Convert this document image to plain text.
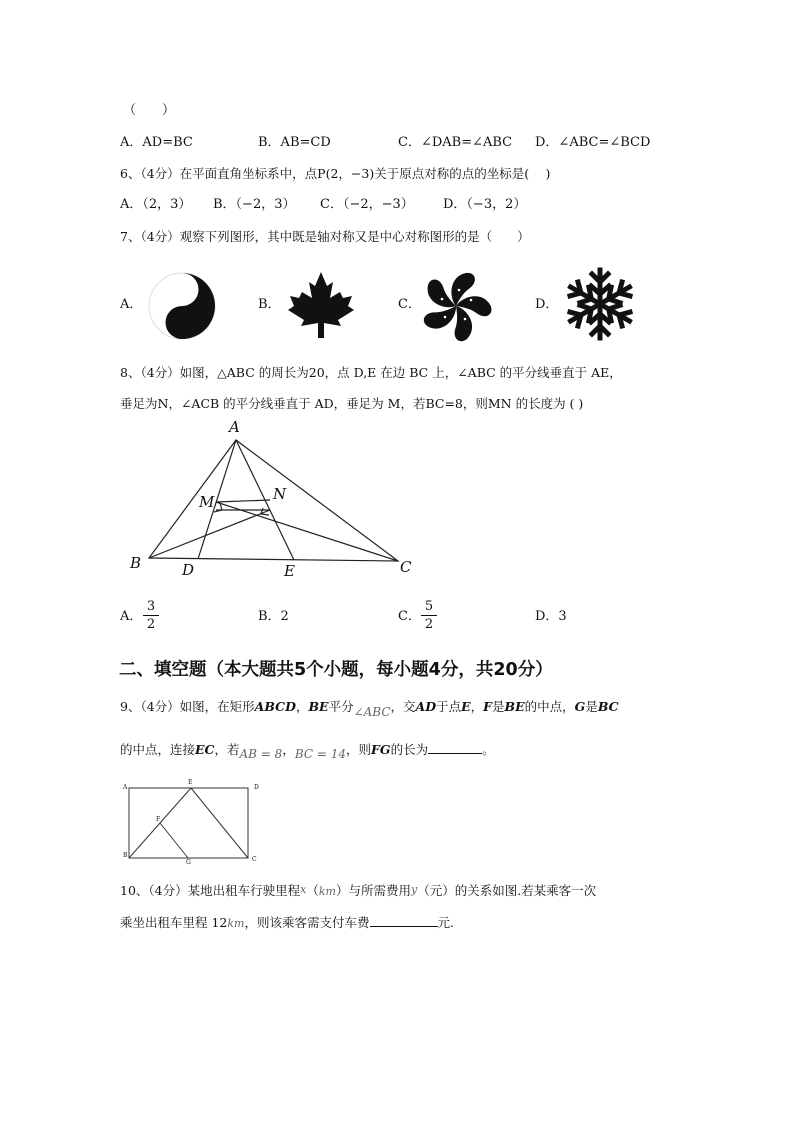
（　　）
A．AD=BC	B．AB=CD	C．∠DAB=∠ABC D．∠ABC=∠BCD
6、（4分）在平面直角坐标系中，点P(2，−3)关于原点对称的点的坐标是(　 )
A．（2，3） B．（−2，3） C．（−2，−3） D．（−3，2）
7、（4分）观察下列图形，其中既是轴对称又是中心对称图形的是（　　）
A．	B．	C．	D．
8、（4分）如图，△ABC 的周长为20，点 D,E 在边 BC 上，∠ABC 的平分线垂直于 AE，
垂足为N，∠ACB 的平分线垂直于 AD，垂足为 M，若BC=8，则MN 的长度为 ( )
A
B	C
D	E
M	N
A．
3
2
B．2	C．
5
2
D．3
二、填空题（本大题共5个小题，每小题4分，共20分）
9、（4分）如图，在矩形ABCD，BE平分∠ABC，交AD于点E，F是BE的中点，G是BC
的中点，连接EC，若AB = 8，BC = 14，则FG的长为	。
A
E
D
F
B
G	C
10、（4分）某地出租车行驶里程x（km）与所需费用y（元）的关系如图.若某乘客一次
乘坐出租车里程 12km，则该乘客需支付车费	元.
